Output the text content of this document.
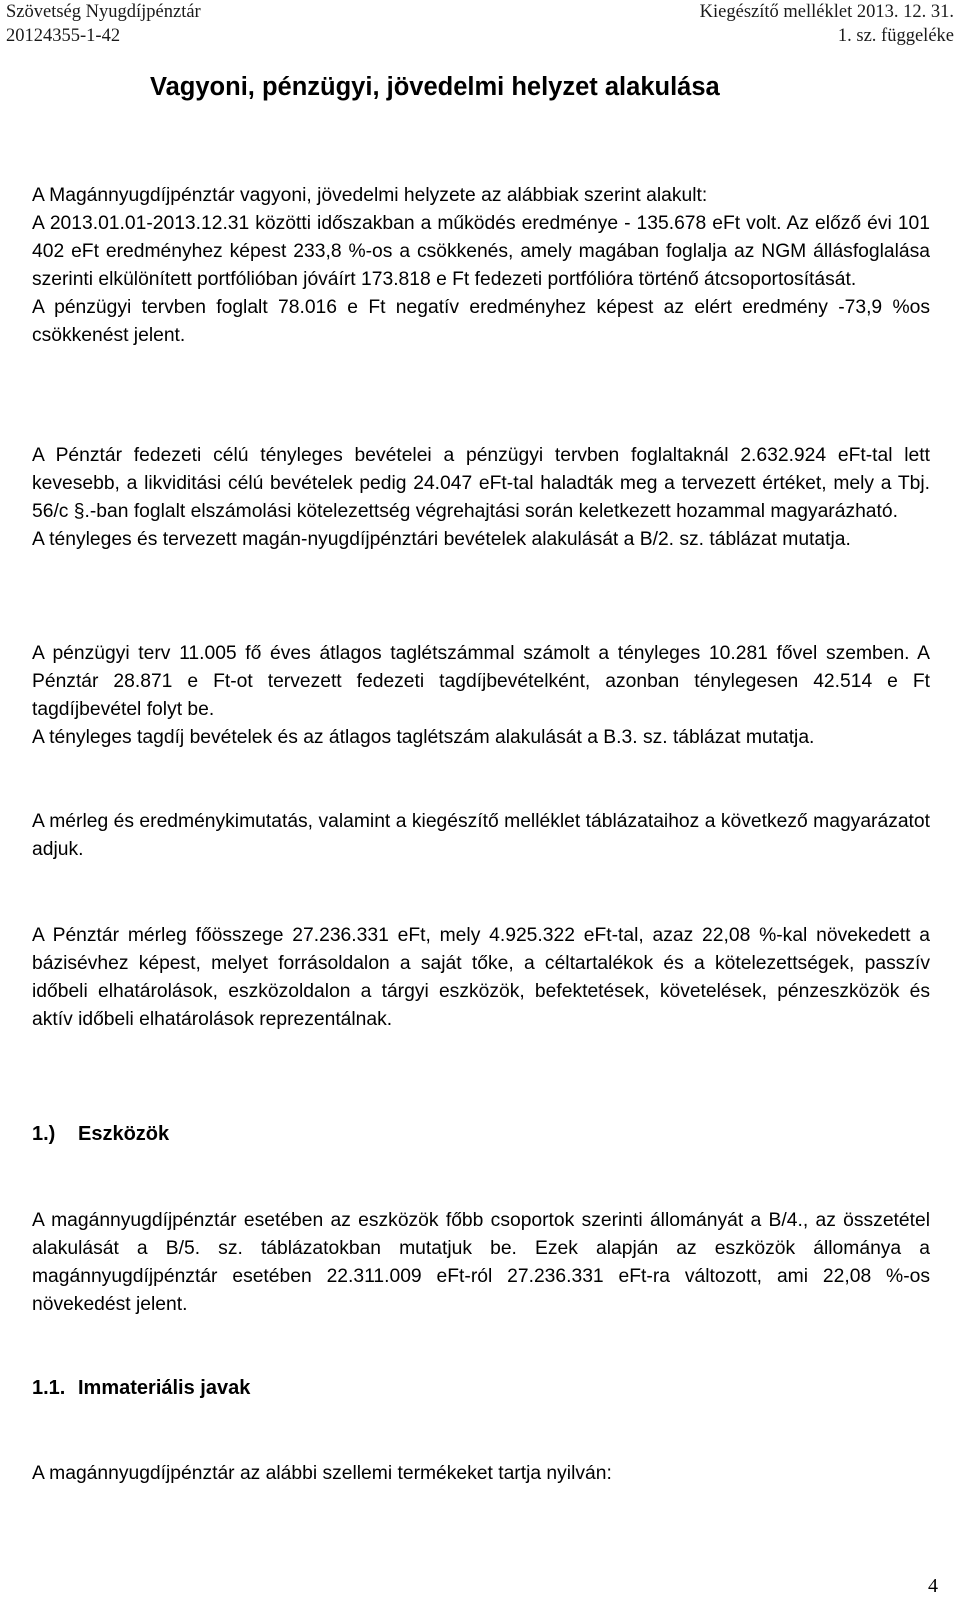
Szövetség Nyugdíjpénztár
20124355-1-42
Kiegészítő melléklet 2013. 12. 31.
1. sz. függeléke
Vagyoni, pénzügyi, jövedelmi helyzet alakulása

A Magánnyugdíjpénztár vagyoni, jövedelmi helyzete az alábbiak szerint alakult:

A 2013.01.01-2013.12.31 közötti időszakban a működés eredménye - 135.678 eFt volt. Az előző évi 101 402 eFt eredményhez képest 233,8 %-os a csökkenés, amely magában foglalja az NGM állásfoglalása szerinti elkülönített portfólióban jóváírt 173.818 e Ft fedezeti portfólióra történő átcsoportosítását.

A pénzügyi tervben foglalt 78.016 e Ft negatív eredményhez képest az elért eredmény -73,9 %os csökkenést jelent.

A Pénztár fedezeti célú tényleges bevételei a pénzügyi tervben foglaltaknál 2.632.924 eFt-tal lett kevesebb, a likviditási célú bevételek pedig 24.047 eFt-tal haladták meg a tervezett értéket, mely a Tbj. 56/c §.-ban foglalt elszámolási kötelezettség végrehajtási során keletkezett hozammal magyarázható.

A tényleges és tervezett magán-nyugdíjpénztári bevételek alakulását a B/2. sz. táblázat mutatja.

A pénzügyi terv 11.005 fő éves átlagos taglétszámmal számolt a tényleges 10.281 fővel szemben. A Pénztár 28.871 e Ft-ot tervezett fedezeti tagdíjbevételként, azonban ténylegesen 42.514 e Ft tagdíjbevétel folyt be.

A tényleges tagdíj bevételek és az átlagos taglétszám alakulását a B.3. sz. táblázat mutatja.

A mérleg és eredménykimutatás, valamint a kiegészítő melléklet táblázataihoz a következő magyarázatot adjuk.

A Pénztár mérleg főösszege 27.236.331 eFt, mely 4.925.322 eFt-tal, azaz 22,08 %-kal növekedett a bázisévhez képest, melyet forrásoldalon a saját tőke, a céltartalékok és a kötelezettségek, passzív időbeli elhatárolások, eszközoldalon a tárgyi eszközök, befektetések, követelések, pénzeszközök és aktív időbeli elhatárolások reprezentálnak.

1.) Eszközök

A magánnyugdíjpénztár esetében az eszközök főbb csoportok szerinti állományát a B/4., az összetétel alakulását a B/5. sz. táblázatokban mutatjuk be. Ezek alapján az eszközök állománya a magánnyugdíjpénztár esetében 22.311.009 eFt-ról 27.236.331 eFt-ra változott, ami 22,08 %-os növekedést jelent.

1.1. Immateriális javak

A magánnyugdíjpénztár az alábbi szellemi termékeket tartja nyilván:

4
